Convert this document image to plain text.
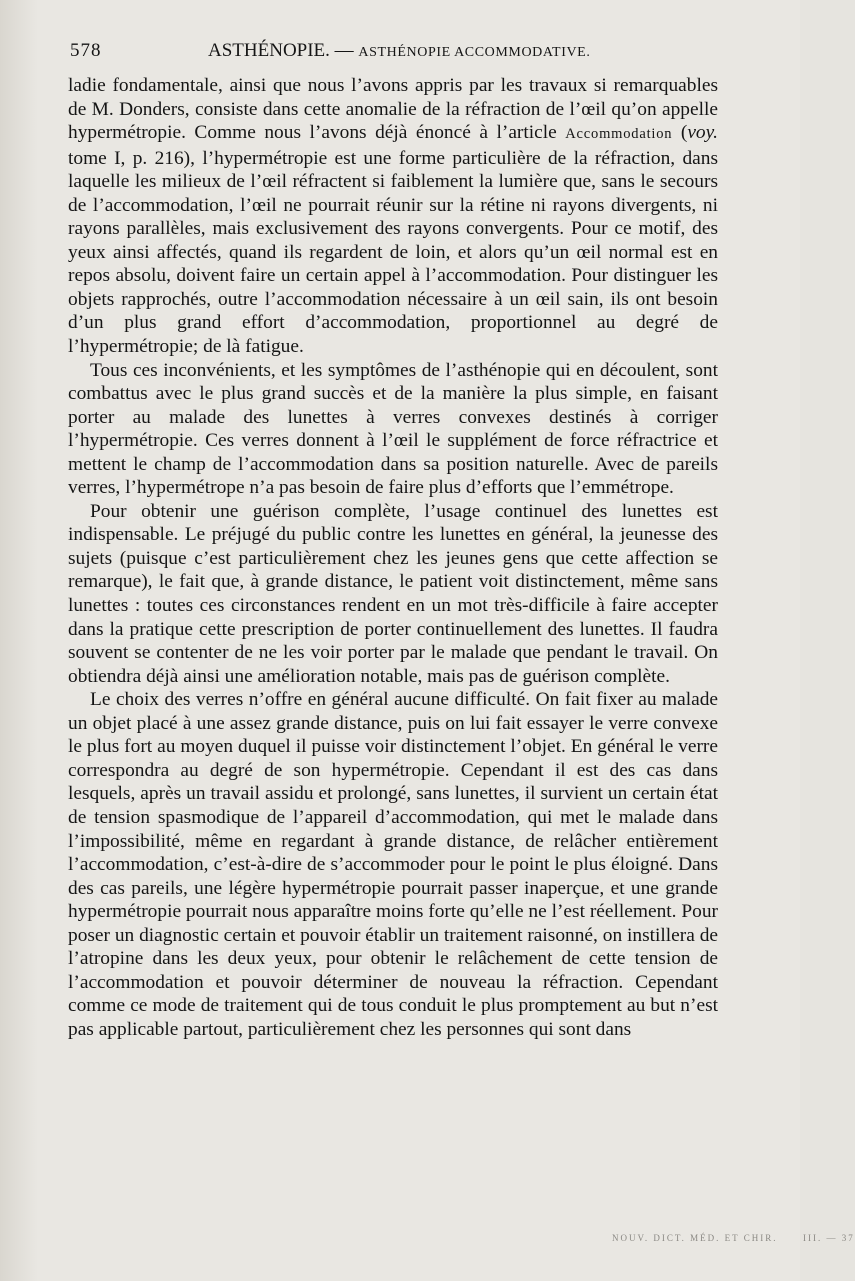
578	ASTHÉNOPIE. — ASTHÉNOPIE ACCOMMODATIVE.

ladie fondamentale, ainsi que nous l’avons appris par les travaux si remarquables de M. Donders, consiste dans cette anomalie de la réfraction de l’œil qu’on appelle hypermétropie. Comme nous l’avons déjà énoncé à l’article Accommodation (voy. tome I, p. 216), l’hypermétropie est une forme particulière de la réfraction, dans laquelle les milieux de l’œil réfractent si faiblement la lumière que, sans le secours de l’accommodation, l’œil ne pourrait réunir sur la rétine ni rayons divergents, ni rayons parallèles, mais exclusivement des rayons convergents. Pour ce motif, des yeux ainsi affectés, quand ils regardent de loin, et alors qu’un œil normal est en repos absolu, doivent faire un certain appel à l’accommodation. Pour distinguer les objets rapprochés, outre l’accommodation nécessaire à un œil sain, ils ont besoin d’un plus grand effort d’accommodation, proportionnel au degré de l’hypermétropie; de là fatigue.

Tous ces inconvénients, et les symptômes de l’asthénopie qui en découlent, sont combattus avec le plus grand succès et de la manière la plus simple, en faisant porter au malade des lunettes à verres convexes destinés à corriger l’hypermétropie. Ces verres donnent à l’œil le supplément de force réfractrice et mettent le champ de l’accommodation dans sa position naturelle. Avec de pareils verres, l’hypermétrope n’a pas besoin de faire plus d’efforts que l’emmétrope.

Pour obtenir une guérison complète, l’usage continuel des lunettes est indispensable. Le préjugé du public contre les lunettes en général, la jeunesse des sujets (puisque c’est particulièrement chez les jeunes gens que cette affection se remarque), le fait que, à grande distance, le patient voit distinctement, même sans lunettes : toutes ces circonstances rendent en un mot très-difficile à faire accepter dans la pratique cette prescription de porter continuellement des lunettes. Il faudra souvent se contenter de ne les voir porter par le malade que pendant le travail. On obtiendra déjà ainsi une amélioration notable, mais pas de guérison complète.

Le choix des verres n’offre en général aucune difficulté. On fait fixer au malade un objet placé à une assez grande distance, puis on lui fait essayer le verre convexe le plus fort au moyen duquel il puisse voir distinctement l’objet. En général le verre correspondra au degré de son hypermétropie. Cependant il est des cas dans lesquels, après un travail assidu et prolongé, sans lunettes, il survient un certain état de tension spasmodique de l’appareil d’accommodation, qui met le malade dans l’impossibilité, même en regardant à grande distance, de relâcher entièrement l’accommodation, c’est-à-dire de s’accommoder pour le point le plus éloigné. Dans des cas pareils, une légère hypermétropie pourrait passer inaperçue, et une grande hypermétropie pourrait nous apparaître moins forte qu’elle ne l’est réellement. Pour poser un diagnostic certain et pouvoir établir un traitement raisonné, on instillera de l’atropine dans les deux yeux, pour obtenir le relâchement de cette tension de l’accommodation et pouvoir déterminer de nouveau la réfraction. Cependant comme ce mode de traitement qui de tous conduit le plus promptement au but n’est pas applicable partout, particulièrement chez les personnes qui sont dans

NOUV. DICT. MÉD. ET CHIR.	III. — 37
